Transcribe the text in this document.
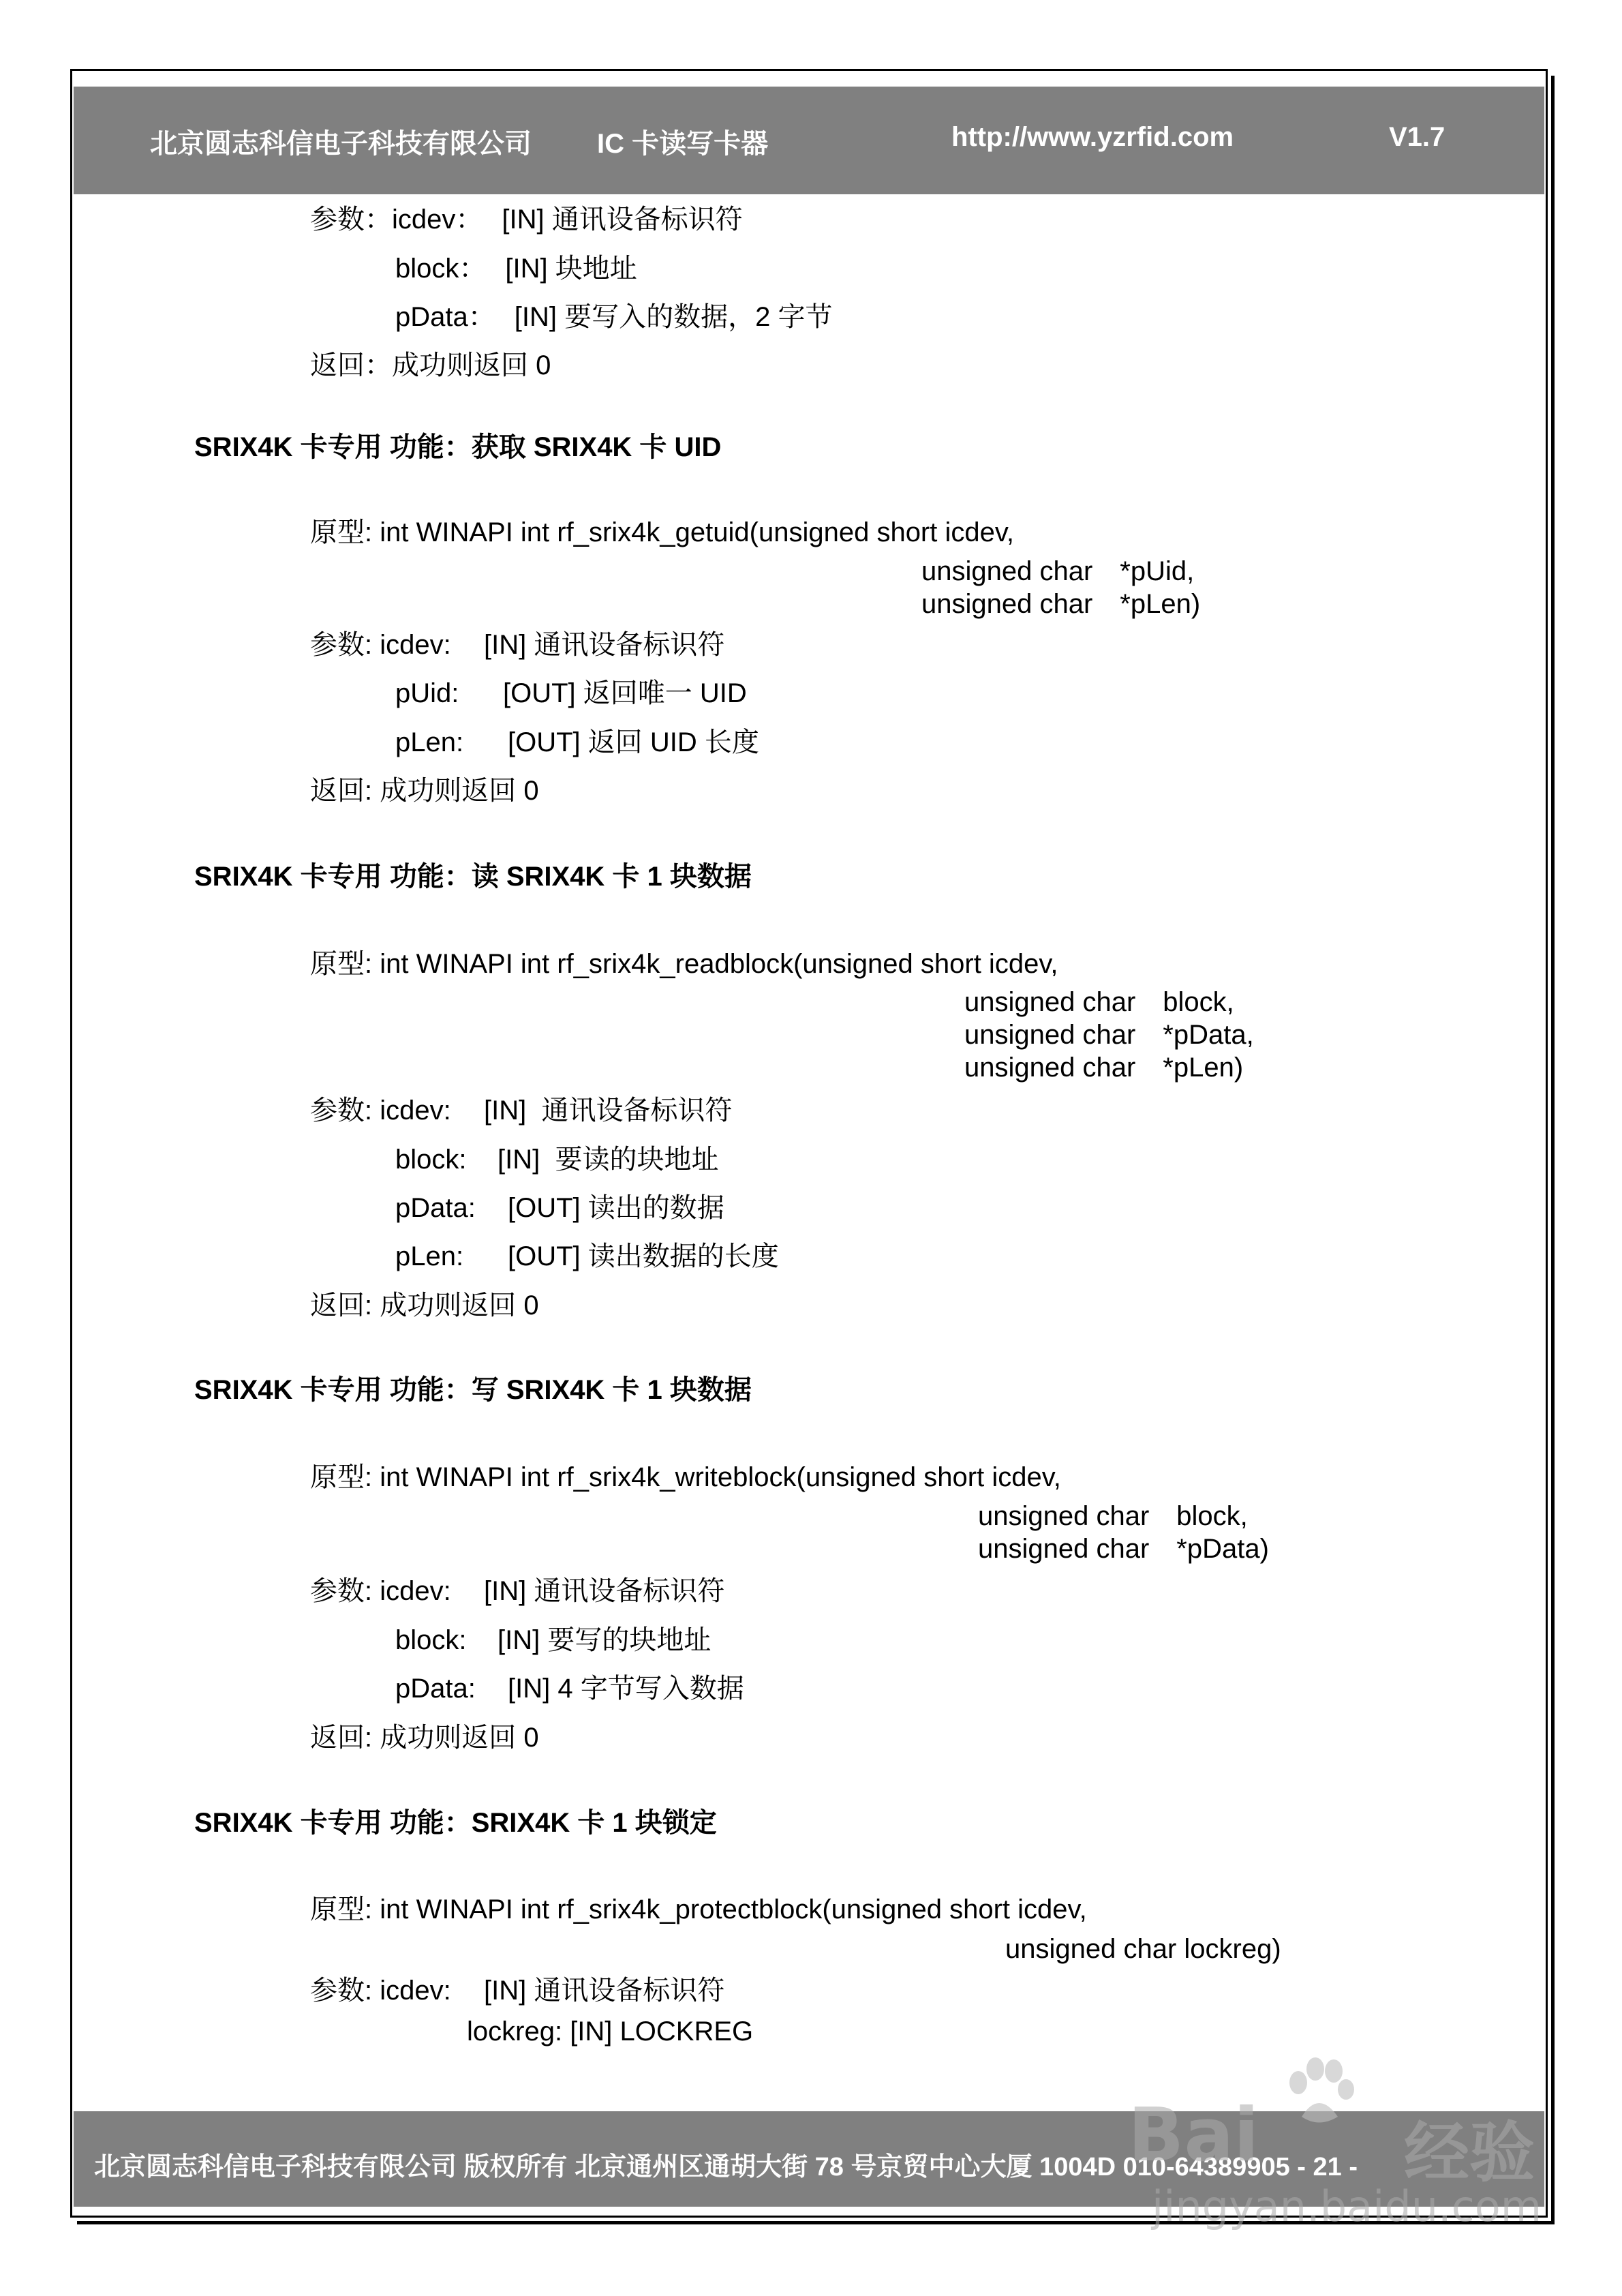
北京圆志科信电子科技有限公司 IC 卡读写卡器	http://www.yzrfid.com	V1.7
参数：icdev： [IN] 通讯设备标识符
block： [IN] 块地址
pData： [IN] 要写入的数据，2 字节
返回：成功则返回 0
SRIX4K 卡专用 功能：获取 SRIX4K 卡 UID
原型: int WINAPI int rf_srix4k_getuid(unsigned short icdev,
unsigned char *pUid,
unsigned char *pLen)
参数: icdev: [IN] 通讯设备标识符
pUid: [OUT] 返回唯一 UID
pLen: [OUT] 返回 UID 长度
返回: 成功则返回 0
SRIX4K 卡专用 功能：读 SRIX4K 卡 1 块数据
原型: int WINAPI int rf_srix4k_readblock(unsigned short icdev,
unsigned char block,
unsigned char *pData,
unsigned char *pLen)
参数: icdev: [IN]  通讯设备标识符
block: [IN]  要读的块地址
pData: [OUT] 读出的数据
pLen: [OUT] 读出数据的长度
返回: 成功则返回 0
SRIX4K 卡专用 功能：写 SRIX4K 卡 1 块数据
原型: int WINAPI int rf_srix4k_writeblock(unsigned short icdev,
unsigned char block,
unsigned char *pData)
参数: icdev: [IN] 通讯设备标识符
block: [IN] 要写的块地址
pData: [IN] 4 字节写入数据
返回: 成功则返回 0
SRIX4K 卡专用 功能：SRIX4K 卡 1 块锁定
原型: int WINAPI int rf_srix4k_protectblock(unsigned short icdev,
unsigned char lockreg)
参数: icdev: [IN] 通讯设备标识符
lockreg: [IN] LOCKREG
北京圆志科信电子科技有限公司 版权所有 北京通州区通胡大街 78 号京贸中心大厦 1004D 010-64389905 - 21 -
Bai 经验
jingyan.baidu.com
